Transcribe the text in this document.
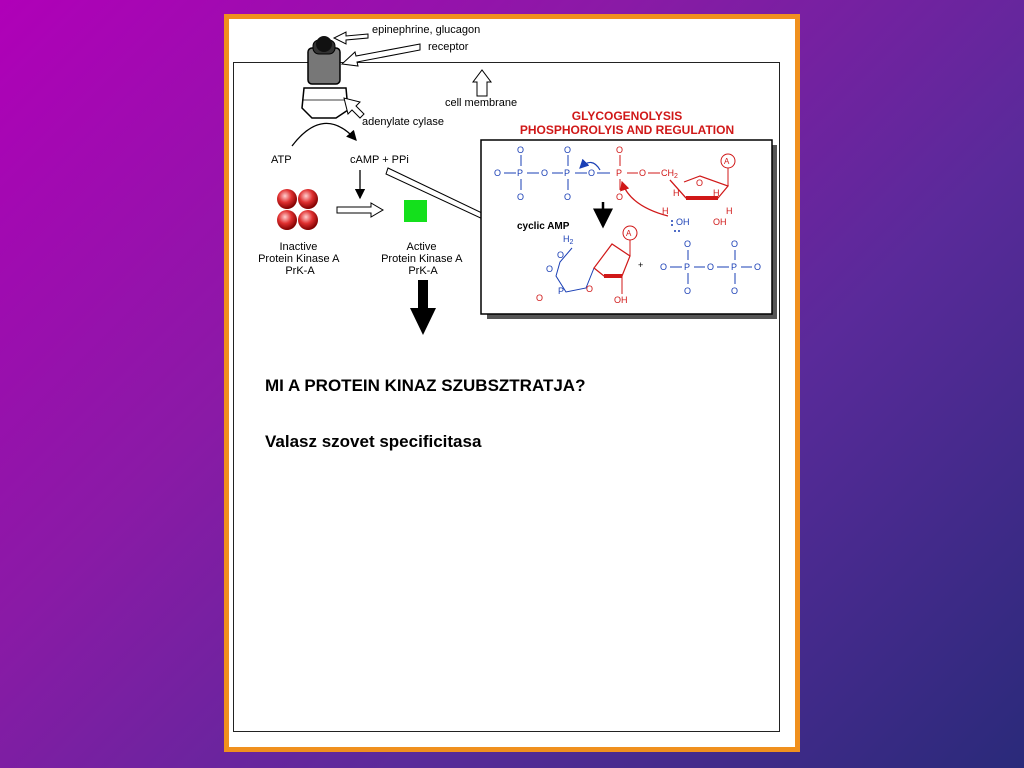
epinephrine, glucagon
receptor
cell membrane
adenylate cylase
ATP	cAMP + PPi
Inactive Protein Kinase A PrK-A
Active Protein Kinase A PrK-A
GLYCOGENOLYSIS
PHOSPHOROLYIS AND REGULATION
O P O P O
O
O
O
O
P
O
O
O $CH_2$
A
O
H	H
H	H
OH
OH
cyclic AMP
$H_2$
O
P
O
O
O
OH
A
+ O P O P O
O
O
O
O

MI A PROTEIN KINAZ SZUBSZTRATJA?

Valasz szovet specificitasa
